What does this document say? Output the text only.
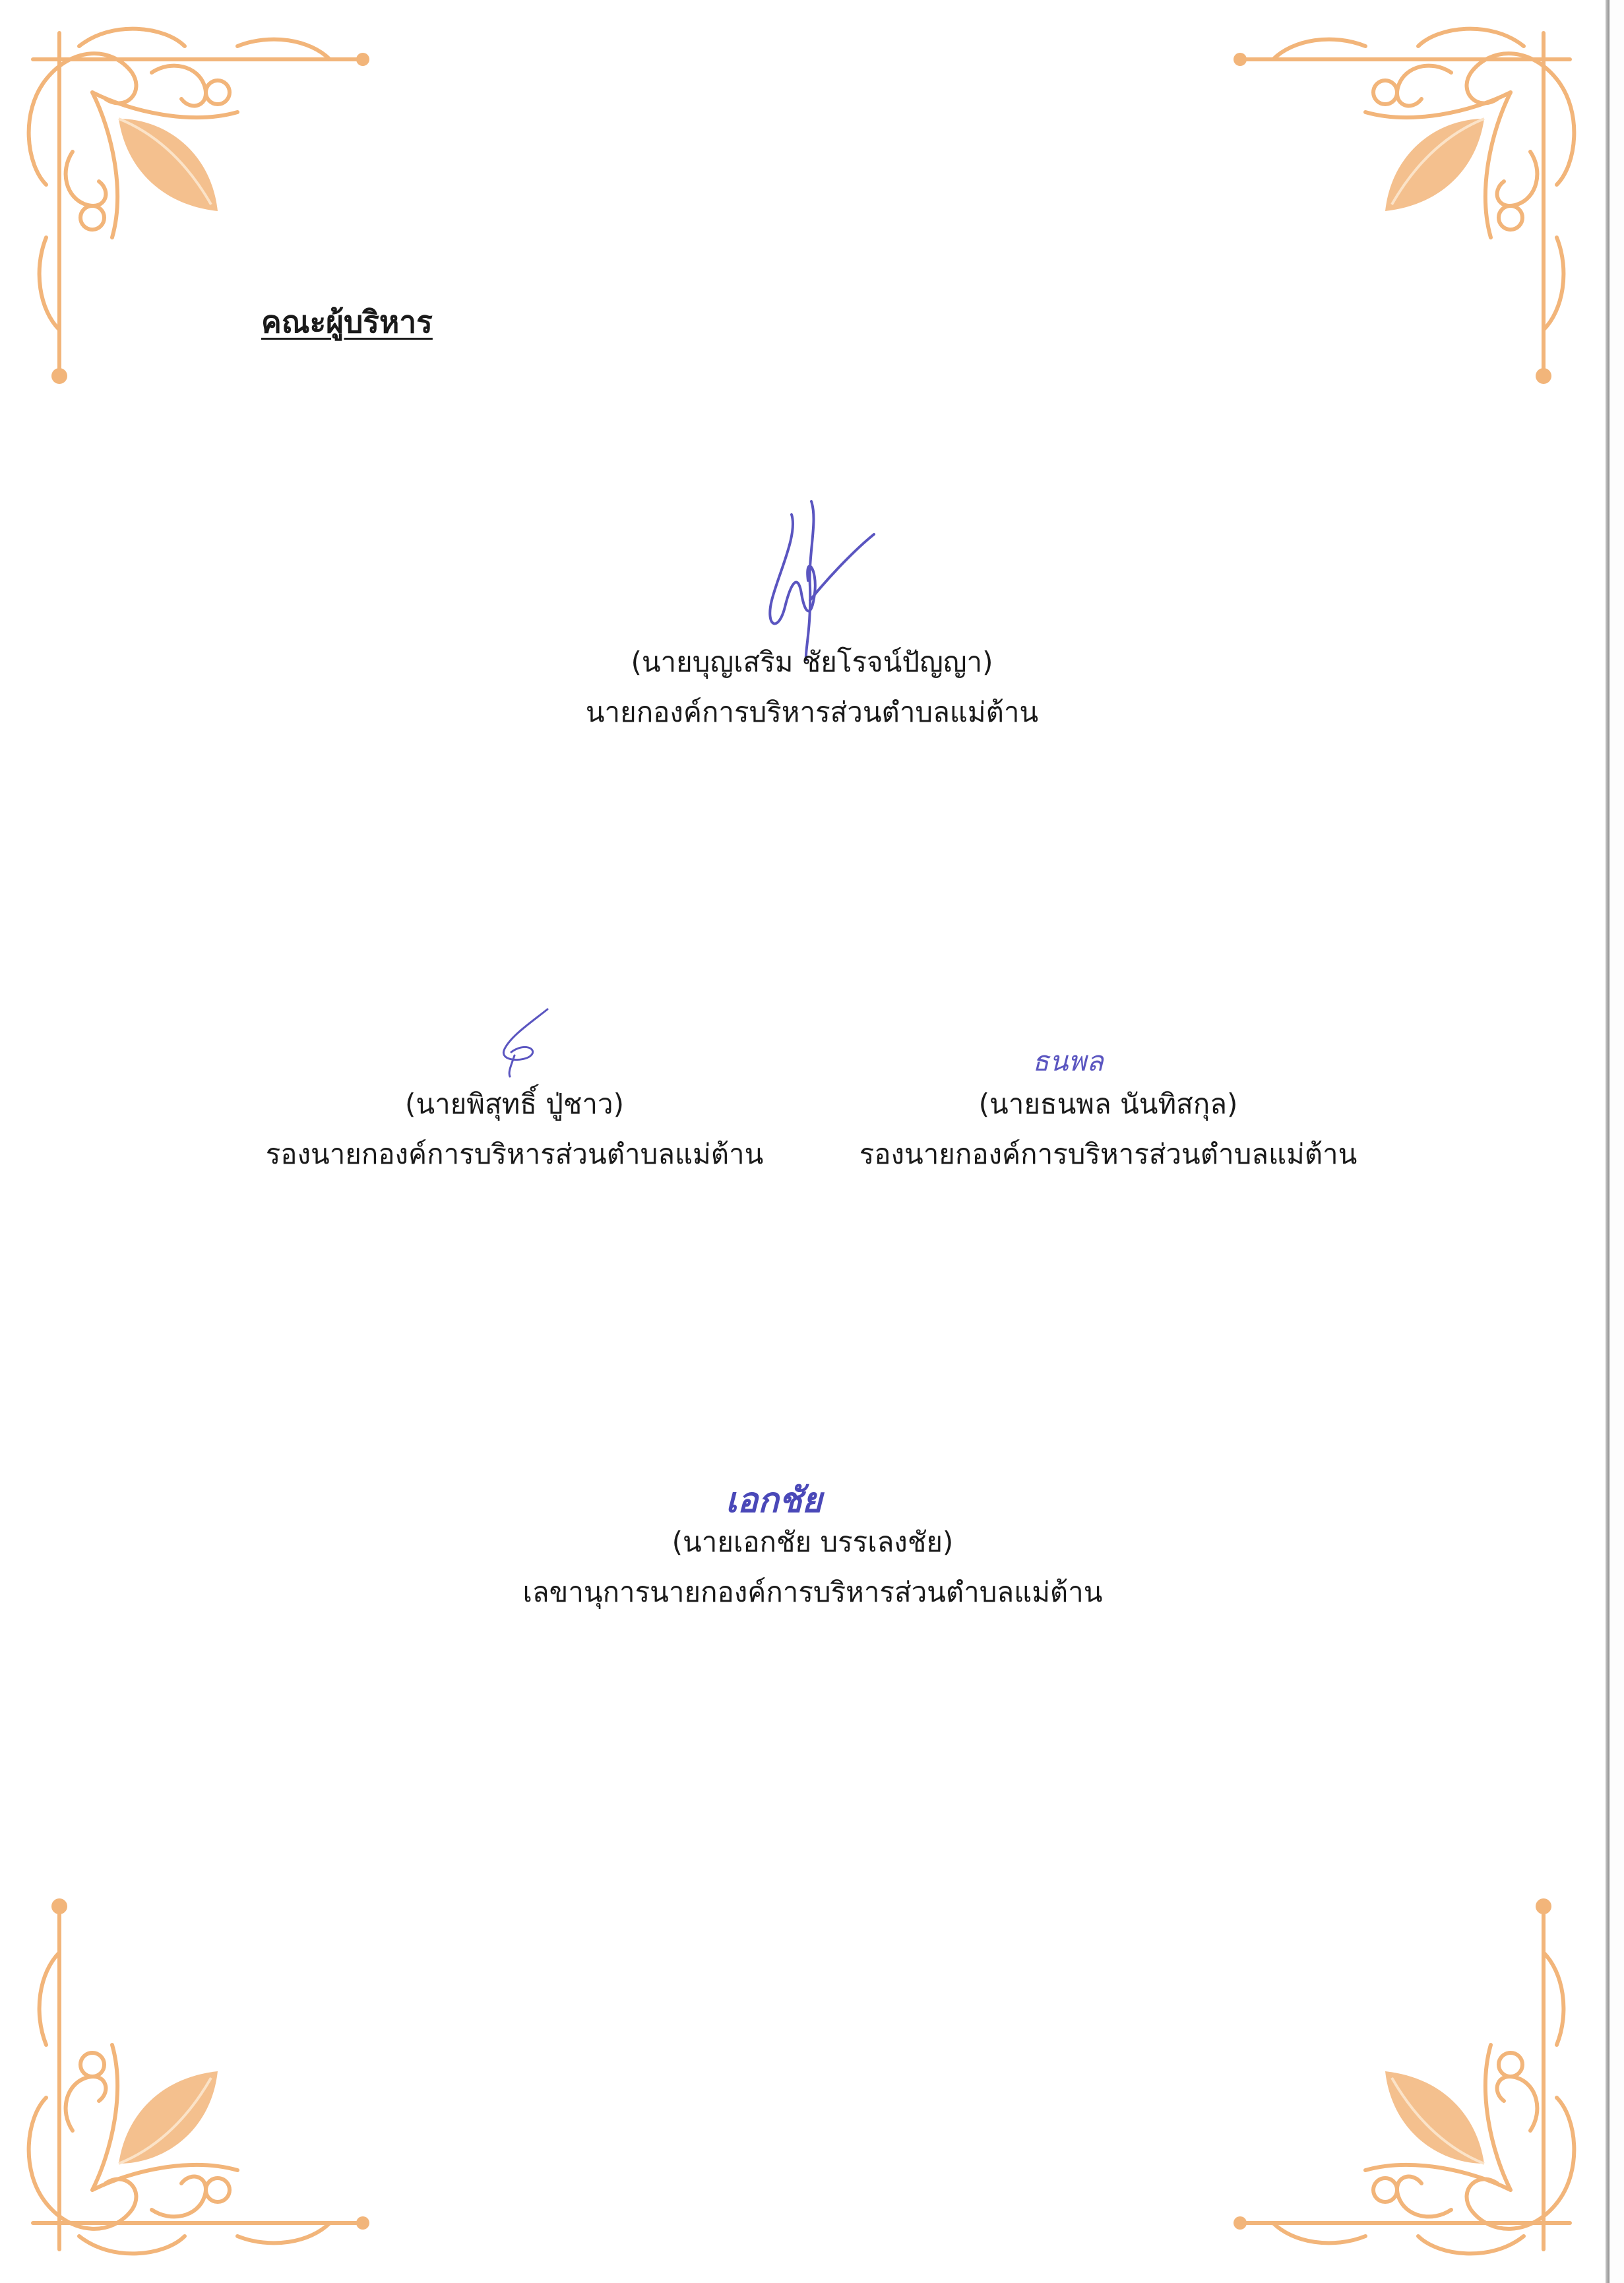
คณะผู้บริหาร
ธนพล
เอกชัย
(นายบุญเสริม ชัยโรจน์ปัญญา)
นายกองค์การบริหารส่วนตำบลแม่ต้าน
(นายพิสุทธิ์ ปู่ชาว)
รองนายกองค์การบริหารส่วนตำบลแม่ต้าน
(นายธนพล นันทิสกุล)
รองนายกองค์การบริหารส่วนตำบลแม่ต้าน
(นายเอกชัย บรรเลงชัย)
เลขานุการนายกองค์การบริหารส่วนตำบลแม่ต้าน
